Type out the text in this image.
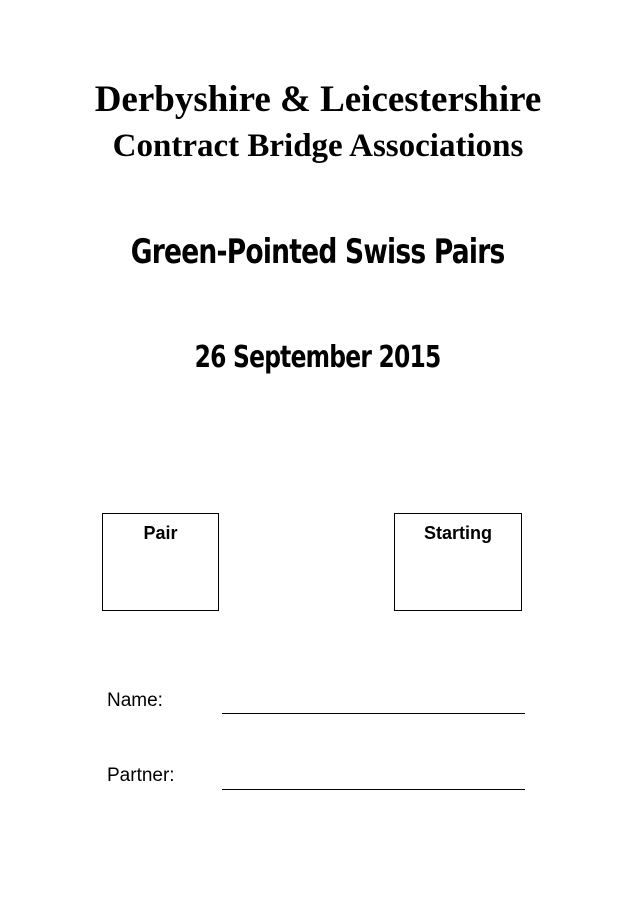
Derbyshire & Leicestershire
Contract Bridge Associations
Green-Pointed Swiss Pairs
26 September 2015
Pair	Starting
Name:
Partner:
